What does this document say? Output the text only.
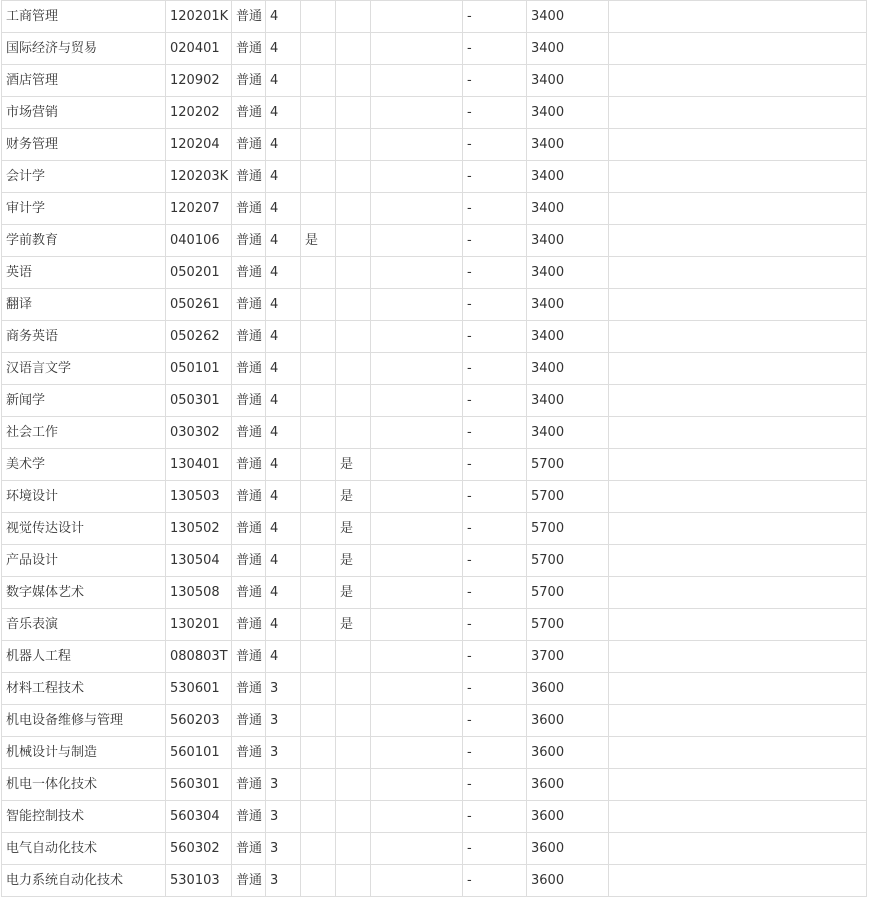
工商管理	120201K	普通	4				-	3400	
国际经济与贸易	020401	普通	4				-	3400	
酒店管理	120902	普通	4				-	3400	
市场营销	120202	普通	4				-	3400	
财务管理	120204	普通	4				-	3400	
会计学	120203K	普通	4				-	3400	
审计学	120207	普通	4				-	3400	
学前教育	040106	普通	4	是			-	3400	
英语	050201	普通	4				-	3400	
翻译	050261	普通	4				-	3400	
商务英语	050262	普通	4				-	3400	
汉语言文学	050101	普通	4				-	3400	
新闻学	050301	普通	4				-	3400	
社会工作	030302	普通	4				-	3400	
美术学	130401	普通	4		是		-	5700	
环境设计	130503	普通	4		是		-	5700	
视觉传达设计	130502	普通	4		是		-	5700	
产品设计	130504	普通	4		是		-	5700	
数字媒体艺术	130508	普通	4		是		-	5700	
音乐表演	130201	普通	4		是		-	5700	
机器人工程	080803T	普通	4				-	3700	
材料工程技术	530601	普通	3				-	3600	
机电设备维修与管理	560203	普通	3				-	3600	
机械设计与制造	560101	普通	3				-	3600	
机电一体化技术	560301	普通	3				-	3600	
智能控制技术	560304	普通	3				-	3600	
电气自动化技术	560302	普通	3				-	3600	
电力系统自动化技术	530103	普通	3				-	3600	
